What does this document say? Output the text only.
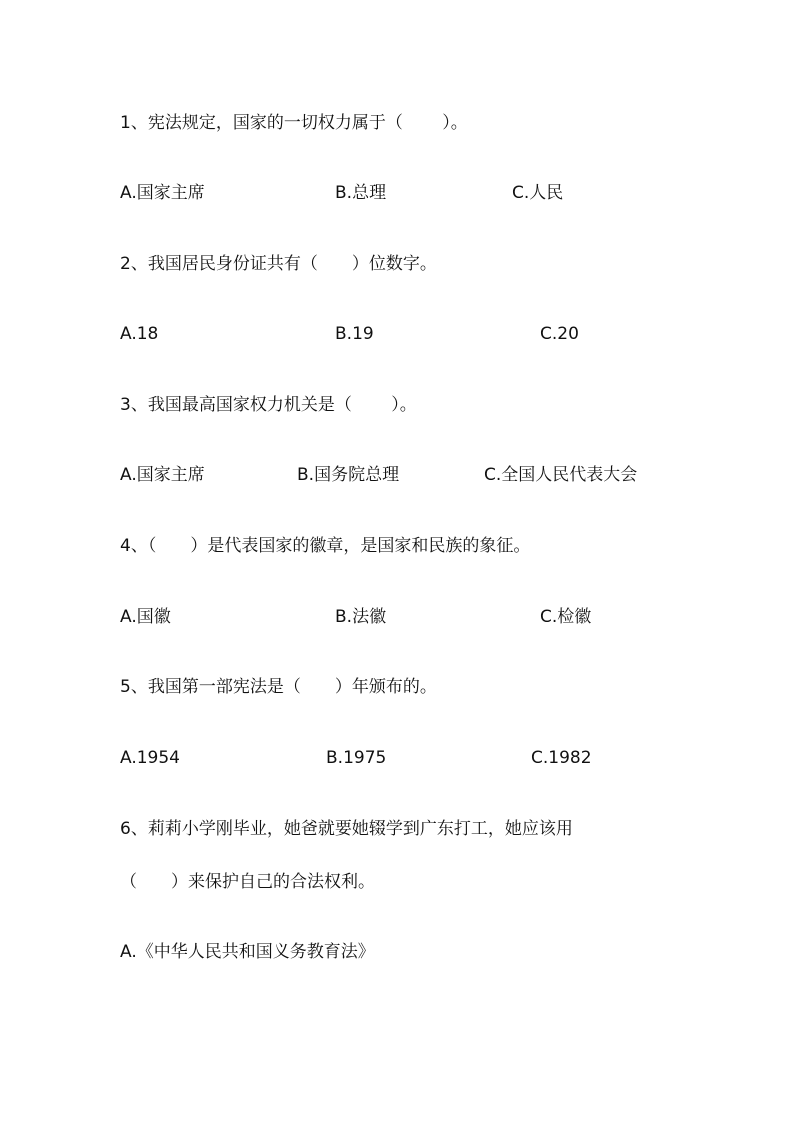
1、宪法规定，国家的一切权力属于（　　 ）。
A.国家主席	B.总理	C.人民
2、我国居民身份证共有（　　）位数字。
A.18	B.19	C.20
3、我国最高国家权力机关是（　　 ）。
A.国家主席	B.国务院总理	C.全国人民代表大会
4、（　　）是代表国家的徽章，是国家和民族的象征。
A.国徽	B.法徽	C.检徽
5、我国第一部宪法是（　　）年颁布的。
A.1954	B.1975	C.1982
6、莉莉小学刚毕业，她爸就要她辍学到广东打工，她应该用
（　　）来保护自己的合法权利。
A.《中华人民共和国义务教育法》
